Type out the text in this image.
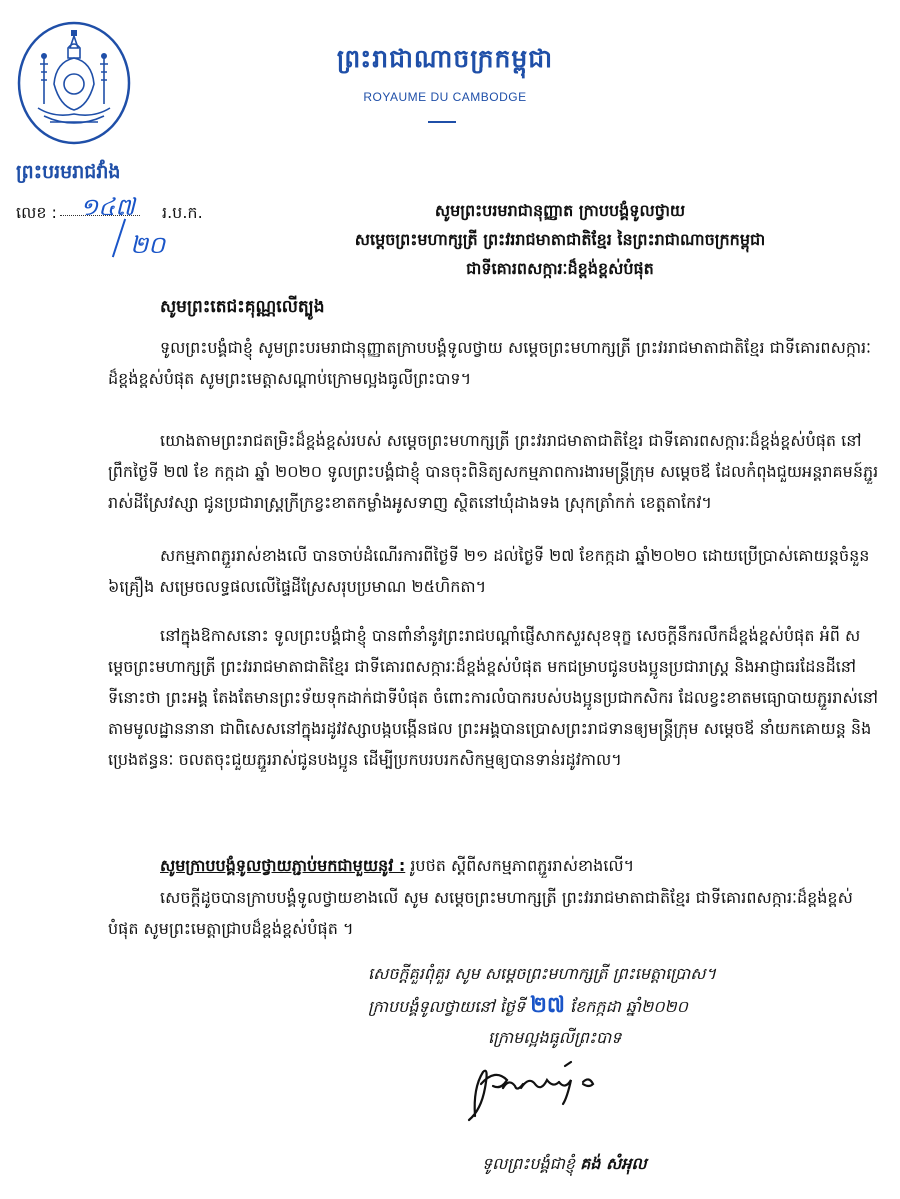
ព្រះរាជាណាចក្រកម្ពុជា
ROYAUME DU CAMBODGE
ព្រះបរមរាជវាំង
លេខ : ១៤៧ រ.ប.ក.
២០
សូមព្រះបរមរាជានុញ្ញាត ក្រាបបង្គំទូលថ្វាយ
សម្តេចព្រះមហាក្សត្រី ព្រះវររាជមាតាជាតិខ្មែរ នៃព្រះរាជាណាចក្រកម្ពុជា
ជាទីគោរពសក្ការៈដ៏ខ្ពង់ខ្ពស់បំផុត
សូមព្រះតេជះគុណ្ណលើត្បូង
ទូលព្រះបង្គំជាខ្ញុំ សូមព្រះបរមរាជានុញ្ញាតក្រាបបង្គំទូលថ្វាយ សម្តេចព្រះមហាក្សត្រី ព្រះវររាជមាតាជាតិខ្មែរ ជាទីគោរពសក្ការៈដ៏ខ្ពង់ខ្ពស់បំផុត សូមព្រះមេត្តាសណ្តាប់ក្រោមល្អងធូលីព្រះបាទ។
យោងតាមព្រះរាជតម្រិះដ៏ខ្ពង់ខ្ពស់របស់ សម្តេចព្រះមហាក្សត្រី ព្រះវររាជមាតាជាតិខ្មែរ ជាទីគោរពសក្ការៈដ៏ខ្ពង់ខ្ពស់បំផុត នៅព្រឹកថ្ងៃទី ២៧ ខែ កក្កដា ឆ្នាំ ២០២០ ទូលព្រះបង្គំជាខ្ញុំ បានចុះពិនិត្យសកម្មភាពការងារមន្ត្រីក្រុម សម្តេចឪ ដែលកំពុងជួយអន្តរាគមន៍ភ្ជួររាស់ដីស្រែវស្សា ជូនប្រជារាស្ត្រក្រីក្រខ្វះខាតកម្លាំងអូសទាញ ស្ថិតនៅឃុំដាងទង ស្រុកត្រាំកក់ ខេត្តតាកែវ។
សកម្មភាពភ្ជួររាស់ខាងលើ បានចាប់ដំណើរការពីថ្ងៃទី ២១ ដល់ថ្ងៃទី ២៧ ខែកក្កដា ឆ្នាំ២០២០ ដោយប្រើប្រាស់គោយន្តចំនួន ៦គ្រឿង សម្រេចលទ្ធផលលើផ្ទៃដីស្រែសរុបប្រមាណ ២៥ហិកតា។
នៅក្នុងឱកាសនោះ ទូលព្រះបង្គំជាខ្ញុំ បានពាំនាំនូវព្រះរាជបណ្តាំផ្ញើសាកសួរសុខទុក្ខ សេចក្តីនឹករលឹកដ៏ខ្ពង់ខ្ពស់បំផុត អំពី សម្តេចព្រះមហាក្សត្រី ព្រះវររាជមាតាជាតិខ្មែរ ជាទីគោរពសក្ការៈដ៏ខ្ពង់ខ្ពស់បំផុត មកជម្រាបជូនបងប្អូនប្រជារាស្ត្រ និងអាជ្ញាធរដែនដីនៅទីនោះថា ព្រះអង្គ តែងតែមានព្រះទ័យទុកដាក់ជាទីបំផុត ចំពោះការលំបាករបស់បងប្អូនប្រជាកសិករ ដែលខ្វះខាតមធ្យោបាយភ្ជួររាស់នៅតាមមូលដ្ឋាននានា ជាពិសេសនៅក្នុងរដូវវស្សាបង្កបង្កើនផល ព្រះអង្គបានប្រោសព្រះរាជទានឲ្យមន្ត្រីក្រុម សម្តេចឪ នាំយកគោយន្ត និងប្រេងឥន្ធនៈ ចលតចុះជួយភ្ជួររាស់ជូនបងប្អូន ដើម្បីប្រកបរបរកសិកម្មឲ្យបានទាន់រដូវកាល។
សូមក្រាបបង្គំទូលថ្វាយភ្ជាប់មកជាមួយនូវ : រូបថត ស្តីពីសកម្មភាពភ្ជួររាស់ខាងលើ។
សេចក្តីដូចបានក្រាបបង្គំទូលថ្វាយខាងលើ សូម សម្តេចព្រះមហាក្សត្រី ព្រះវររាជមាតាជាតិខ្មែរ ជាទីគោរពសក្ការៈដ៏ខ្ពង់ខ្ពស់បំផុត សូមព្រះមេត្តាជ្រាបដ៏ខ្ពង់ខ្ពស់បំផុត ។
សេចក្តីគួរពុំគួរ សូម សម្តេចព្រះមហាក្សត្រី ព្រះមេត្តាប្រោស។
ក្រាបបង្គំទូលថ្វាយនៅ ថ្ងៃទី ២៧ ខែកក្កដា ឆ្នាំ២០២០
ក្រោមល្អងធូលីព្រះបាទ
ទូលព្រះបង្គំជាខ្ញុំ គង់ សំអុល
